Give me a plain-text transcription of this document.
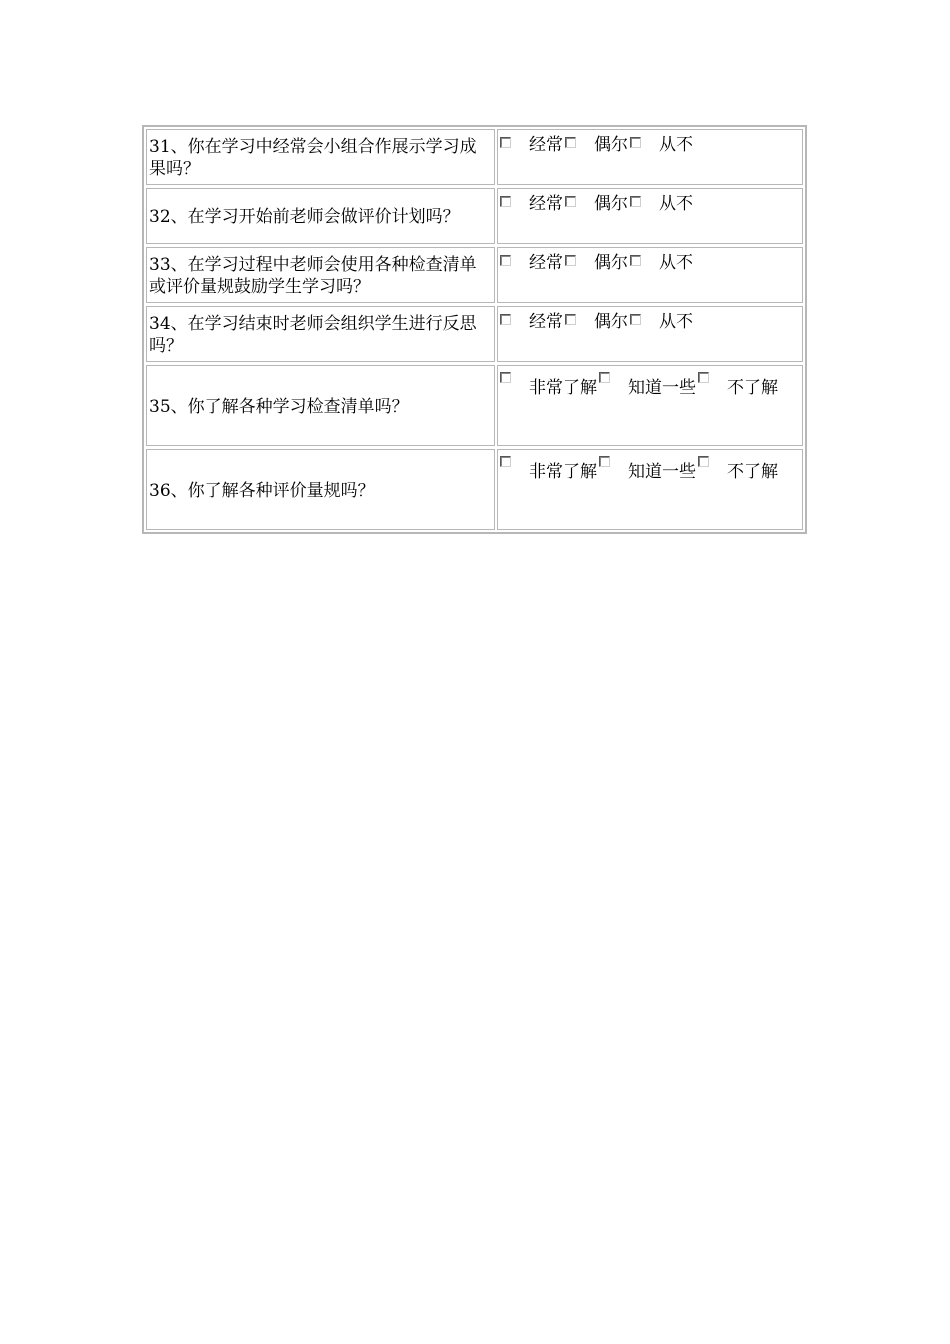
31、你在学习中经常会小组合作展示学习成果吗？
经常 偶尔 从不
32、在学习开始前老师会做评价计划吗？
经常 偶尔 从不
33、在学习过程中老师会使用各种检查清单或评价量规鼓励学生学习吗？
经常 偶尔 从不
34、在学习结束时老师会组织学生进行反思吗？
经常 偶尔 从不
35、你了解各种学习检查清单吗？
非常了解 知道一些 不了解
36、你了解各种评价量规吗？
非常了解 知道一些 不了解
